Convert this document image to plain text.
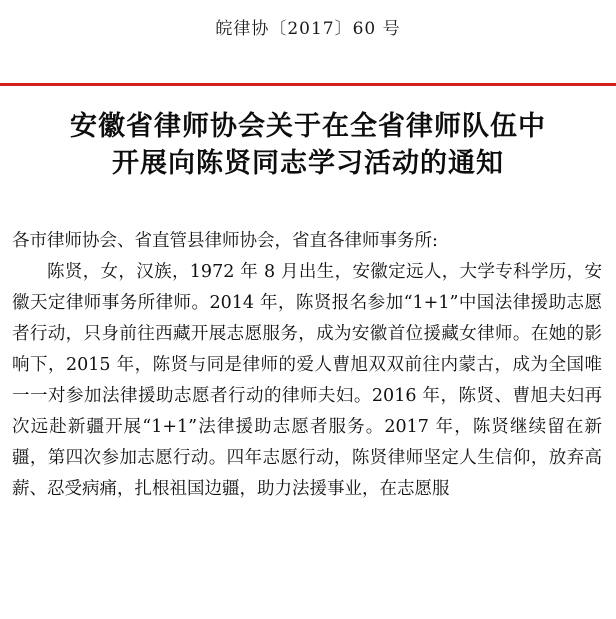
皖律协〔2017〕60 号
安徽省律师协会关于在全省律师队伍中
开展向陈贤同志学习活动的通知

各市律师协会、省直管县律师协会，省直各律师事务所:

陈贤，女，汉族，1972 年 8 月出生，安徽定远人，大学专科学历，安徽天定律师事务所律师。2014 年，陈贤报名参加“1+1”中国法律援助志愿者行动，只身前往西藏开展志愿服务，成为安徽首位援藏女律师。在她的影响下，2015 年，陈贤与同是律师的爱人曹旭双双前往内蒙古，成为全国唯一一对参加法律援助志愿者行动的律师夫妇。2016 年，陈贤、曹旭夫妇再次远赴新疆开展“1+1”法律援助志愿者服务。2017 年，陈贤继续留在新疆，第四次参加志愿行动。四年志愿行动，陈贤律师坚定人生信仰，放弃高薪、忍受病痛，扎根祖国边疆，助力法援事业，在志愿服
